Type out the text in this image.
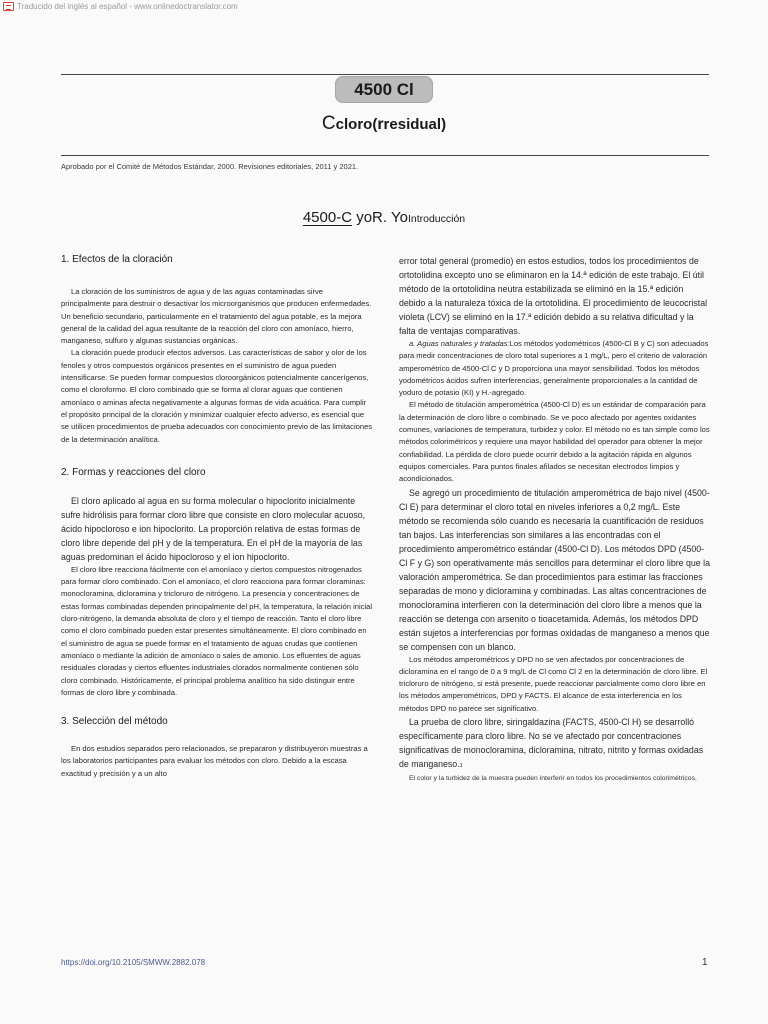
Traducido del inglés al español - www.onlinedoctranslator.com
4500 Cl
Ccloro(rresidual)
Aprobado por el Comité de Métodos Estándar, 2000. Revisiones editoriales, 2011 y 2021.
4500-C yoR. YoIntroducción
1. Efectos de la cloración

La cloración de los suministros de agua y de las aguas contaminadas sirve principalmente para destruir o desactivar los microorganismos que producen enfermedades. Un beneficio secundario, particularmente en el tratamiento del agua potable, es la mejora general de la calidad del agua resultante de la reacción del cloro con amoníaco, hierro, manganeso, sulfuro y algunas sustancias orgánicas.

La cloración puede producir efectos adversos. Las características de sabor y olor de los fenoles y otros compuestos orgánicos presentes en el suministro de agua pueden intensificarse. Se pueden formar compuestos cloroorgánicos potencialmente cancerígenos, como el cloroformo. El cloro combinado que se forma al clorar aguas que contienen amoníaco o aminas afecta negativamente a algunas formas de vida acuática. Para cumplir el propósito principal de la cloración y minimizar cualquier efecto adverso, es esencial que se utilicen procedimientos de prueba adecuados con conocimiento previo de las limitaciones de la determinación analítica.

2. Formas y reacciones del cloro

El cloro aplicado al agua en su forma molecular o hipoclorito inicialmente sufre hidrólisis para formar cloro libre que consiste en cloro molecular acuoso, ácido hipocloroso e ion hipoclorito. La proporción relativa de estas formas de cloro libre depende del pH y de la temperatura. En el pH de la mayoría de las aguas predominan el ácido hipocloroso y el ion hipoclorito.

El cloro libre reacciona fácilmente con el amoníaco y ciertos compuestos nitrogenados para formar cloro combinado. Con el amoníaco, el cloro reacciona para formar cloraminas: monocloramina, dicloramina y tricloruro de nitrógeno. La presencia y concentraciones de estas formas combinadas dependen principalmente del pH, la temperatura, la relación inicial cloro-nitrógeno, la demanda absoluta de cloro y el tiempo de reacción. Tanto el cloro libre como el cloro combinado pueden estar presentes simultáneamente. El cloro combinado en el suministro de agua se puede formar en el tratamiento de aguas crudas que contienen amoníaco o mediante la adición de amoníaco o sales de amonio. Los efluentes de aguas residuales cloradas y ciertos efluentes industriales clorados normalmente contienen sólo cloro combinado. Históricamente, el principal problema analítico ha sido distinguir entre formas de cloro libre y combinada.

3. Selección del método

En dos estudios separados pero relacionados, se prepararon y distribuyeron muestras a los laboratorios participantes para evaluar los métodos con cloro. Debido a la escasa exactitud y precisión y a un alto

error total general (promedio) en estos estudios, todos los procedimientos de ortotolidina excepto uno se eliminaron en la 14.ª edición de este trabajo. El útil método de la ortotolidina neutra estabilizada se eliminó en la 15.ª edición debido a la naturaleza tóxica de la ortotolidina. El procedimiento de leucocristal violeta (LCV) se eliminó en la 17.ª edición debido a su relativa dificultad y la falta de ventajas comparativas.

a. Aguas naturales y tratadas:Los métodos yodométricos (4500-Cl B y C) son adecuados para medir concentraciones de cloro total superiores a 1 mg/L, pero el criterio de valoración amperométrico de 4500-Cl C y D proporciona una mayor sensibilidad. Todos los métodos yodométricos ácidos sufren interferencias, generalmente proporcionales a la cantidad de yoduro de potasio (KI) y H.-agregado.

El método de titulación amperométrica (4500-Cl D) es un estándar de comparación para la determinación de cloro libre o combinado. Se ve poco afectado por agentes oxidantes comunes, variaciones de temperatura, turbidez y color. El método no es tan simple como los métodos colorimétricos y requiere una mayor habilidad del operador para obtener la mejor confiabilidad. La pérdida de cloro puede ocurrir debido a la agitación rápida en algunos equipos comerciales. Para puntos finales afilados se necesitan electrodos limpios y acondicionados.

Se agregó un procedimiento de titulación amperométrica de bajo nivel (4500-Cl E) para determinar el cloro total en niveles inferiores a 0,2 mg/L. Este método se recomienda sólo cuando es necesaria la cuantificación de residuos tan bajos. Las interferencias son similares a las encontradas con el procedimiento amperométrico estándar (4500-Cl D). Los métodos DPD (4500-Cl F y G) son operativamente más sencillos para determinar el cloro libre que la valoración amperométrica. Se dan procedimientos para estimar las fracciones separadas de mono y dicloramina y combinadas. Las altas concentraciones de monocloramina interfieren con la determinación del cloro libre a menos que la reacción se detenga con arsenito o tioacetamida. Además, los métodos DPD están sujetos a interferencias por formas oxidadas de manganeso a menos que se compensen con un blanco.

Los métodos amperométricos y DPD no se ven afectados por concentraciones de dicloramina en el rango de 0 a 9 mg/L de Cl como Cl 2 en la determinación de cloro libre. El tricloruro de nitrógeno, si está presente, puede reaccionar parcialmente como cloro libre en los métodos amperométricos, DPD y FACTS. El alcance de esta interferencia en los métodos DPD no parece ser significativo.

La prueba de cloro libre, siringaldazina (FACTS, 4500-Cl H) se desarrolló específicamente para cloro libre. No se ve afectado por concentraciones significativas de monocloramina, dicloramina, nitrato, nitrito y formas oxidadas de manganeso.1

El color y la turbidez de la muestra pueden interferir en todos los procedimientos colorimétricos.
https://doi.org/10.2105/SMWW.2882.078	1
